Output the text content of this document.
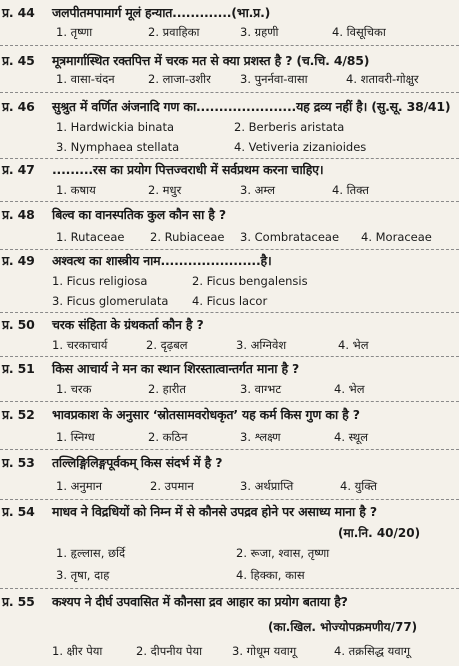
प्र. 44 जलपीतमपामार्ग मूलं हन्यात.............(भा.प्र.)
1. तृष्णा	2. प्रवाहिका	3. ग्रहणी	4. विसूचिका
प्र. 45 मूत्रमार्गास्थित रक्तपित्त में चरक मत से क्या प्रशस्त है ? (च.चि. 4/85)
1. वासा-चंदन	2. लाजा-उशीर	3. पुनर्नवा-वासा	4. शतावरी-गोक्षुर
प्र. 46 सुश्रुत में वर्णित अंजनादि गण का......................यह द्रव्य नहीं है। (सु.सू. 38/41)
1. Hardwickia binata	2. Berberis aristata
3. Nymphaea stellata	4. Vetiveria zizanioides
प्र. 47 .........रस का प्रयोग पित्तज्वराधी में सर्वप्रथम करना चाहिए।
1. कषाय	2. मधुर	3. अम्ल	4. तिक्त
प्र. 48 बिल्व का वानस्पतिक कुल कौन सा है ?
1. Rutaceae 2. Rubiaceae 3. Combrataceae 4. Moraceae
प्र. 49 अश्वत्थ का शास्त्रीय नाम......................है।
1. Ficus religiosa	2. Ficus bengalensis
3. Ficus glomerulata 4. Ficus lacor
प्र. 50 चरक संहिता के ग्रंथकर्ता कौन है ?
1. चरकाचार्य	2. दृढ़बल	3. अग्निवेश	4. भेल
प्र. 51 किस आचार्य ने मन का स्थान शिरस्तात्वान्तर्गत माना है ?
1. चरक	2. हारीत	3. वाग्भट	4. भेल
प्र. 52 भावप्रकाश के अनुसार ‘स्रोतसामवरोधकृत’ यह कर्म किस गुण का है ?
1. स्निग्ध	2. कठिन	3. श्लक्ष्ण	4. स्थूल
प्र. 53 तल्लिङ्गिलिङ्गपूर्वकम् किस संदर्भ में है ?
1. अनुमान	2. उपमान	3. अर्थप्राप्ति	4. युक्ति
प्र. 54 माधव ने विद्रधियों को निम्न में से कौनसे उपद्रव होने पर असाध्य माना है ?
(मा.नि. 40/20)
1. हृल्लास, छर्दि	2. रूजा, श्वास, तृष्णा
3. तृषा, दाह	4. हिक्का, कास
प्र. 55 कश्यप ने दीर्घ उपवासित में कौनसा द्रव आहार का प्रयोग बताया है?
(का.खिल. भोज्योपक्रमणीय/77)
1. क्षीर पेया	2. दीपनीय पेया	3. गोधूम यवागू	4. तक्रसिद्ध यवागू
